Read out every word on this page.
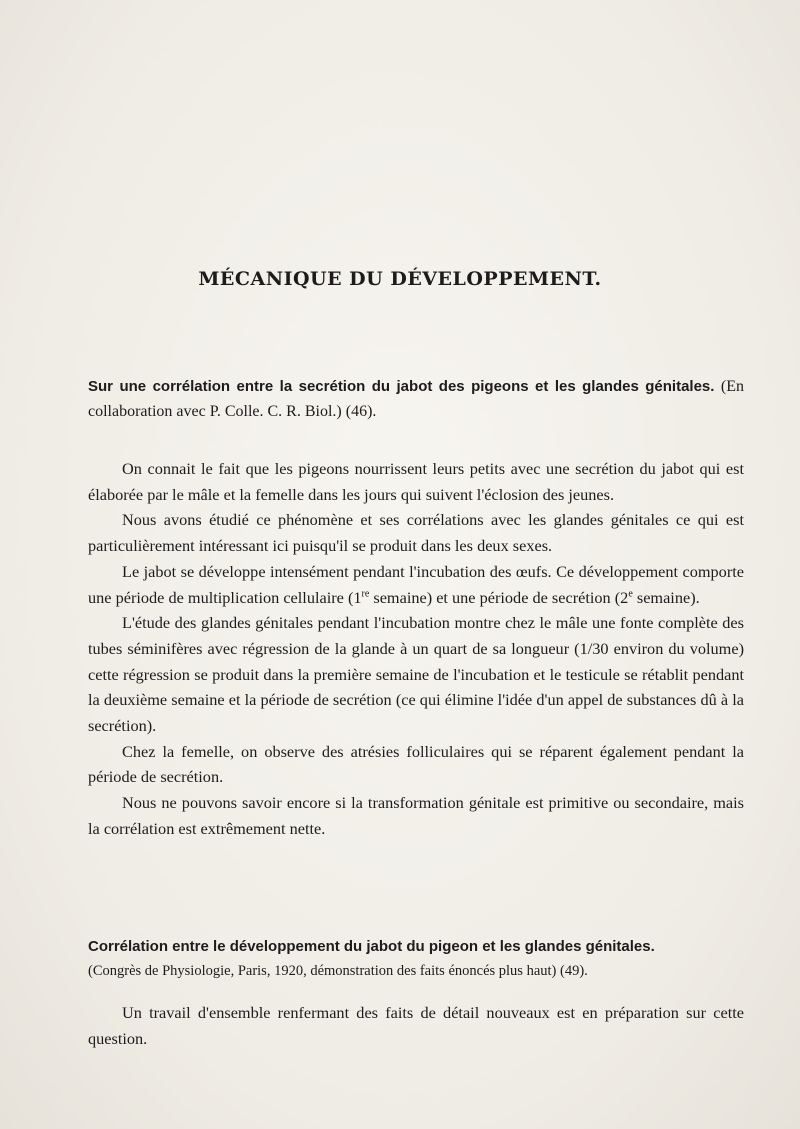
MÉCANIQUE DU DÉVELOPPEMENT.

Sur une corrélation entre la secrétion du jabot des pigeons et les glandes génitales. (En collaboration avec P. Colle. C. R. Biol.) (46).

On connait le fait que les pigeons nourrissent leurs petits avec une secrétion du jabot qui est élaborée par le mâle et la femelle dans les jours qui suivent l'éclosion des jeunes.

Nous avons étudié ce phénomène et ses corrélations avec les glandes génitales ce qui est particulièrement intéressant ici puisqu'il se produit dans les deux sexes.

Le jabot se développe intensément pendant l'incubation des œufs. Ce développement comporte une période de multiplication cellulaire (1re semaine) et une période de secrétion (2e semaine).

L'étude des glandes génitales pendant l'incubation montre chez le mâle une fonte complète des tubes séminifères avec régression de la glande à un quart de sa longueur (1/30 environ du volume) cette régression se produit dans la première semaine de l'incubation et le testicule se rétablit pendant la deuxième semaine et la période de secrétion (ce qui élimine l'idée d'un appel de substances dû à la secrétion).

Chez la femelle, on observe des atrésies folliculaires qui se réparent également pendant la période de secrétion.

Nous ne pouvons savoir encore si la transformation génitale est primitive ou secondaire, mais la corrélation est extrêmement nette.

Corrélation entre le développement du jabot du pigeon et les glandes génitales.

(Congrès de Physiologie, Paris, 1920, démonstration des faits énoncés plus haut) (49).

Un travail d'ensemble renfermant des faits de détail nouveaux est en préparation sur cette question.
